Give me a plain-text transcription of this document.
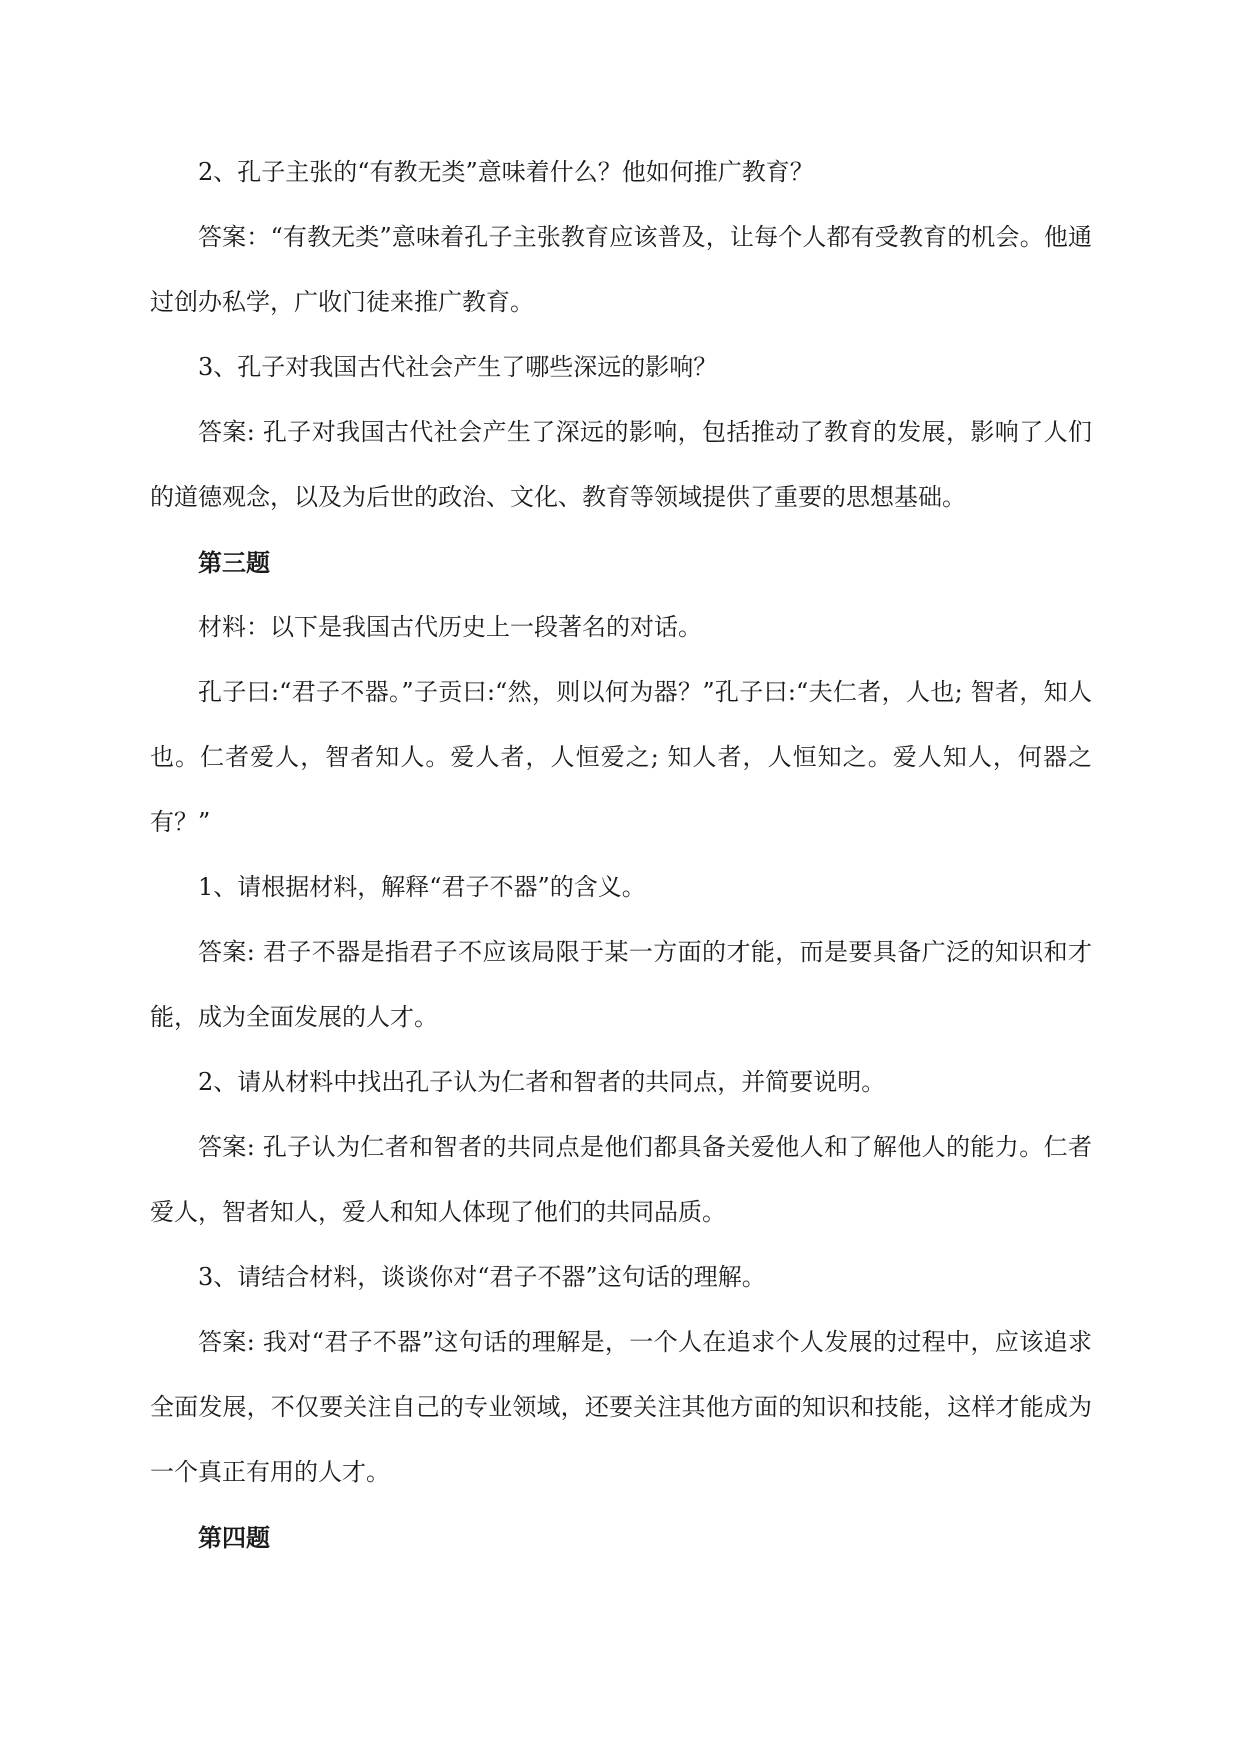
2、孔子主张的“有教无类”意味着什么？他如何推广教育？

答案：“有教无类”意味着孔子主张教育应该普及，让每个人都有受教育的机会。他通过创办私学，广收门徒来推广教育。

3、孔子对我国古代社会产生了哪些深远的影响？

答案: 孔子对我国古代社会产生了深远的影响，包括推动了教育的发展，影响了人们的道德观念，以及为后世的政治、文化、教育等领域提供了重要的思想基础。

第三题

材料：以下是我国古代历史上一段著名的对话。

孔子曰:“君子不器。”子贡曰:“然，则以何为器？”孔子曰:“夫仁者，人也; 智者，知人也。仁者爱人，智者知人。爱人者，人恒爱之; 知人者，人恒知之。爱人知人，何器之有？”

1、请根据材料，解释“君子不器”的含义。

答案: 君子不器是指君子不应该局限于某一方面的才能，而是要具备广泛的知识和才能，成为全面发展的人才。

2、请从材料中找出孔子认为仁者和智者的共同点，并简要说明。

答案: 孔子认为仁者和智者的共同点是他们都具备关爱他人和了解他人的能力。仁者爱人，智者知人，爱人和知人体现了他们的共同品质。

3、请结合材料，谈谈你对“君子不器”这句话的理解。

答案: 我对“君子不器”这句话的理解是，一个人在追求个人发展的过程中，应该追求全面发展，不仅要关注自己的专业领域，还要关注其他方面的知识和技能，这样才能成为一个真正有用的人才。

第四题
